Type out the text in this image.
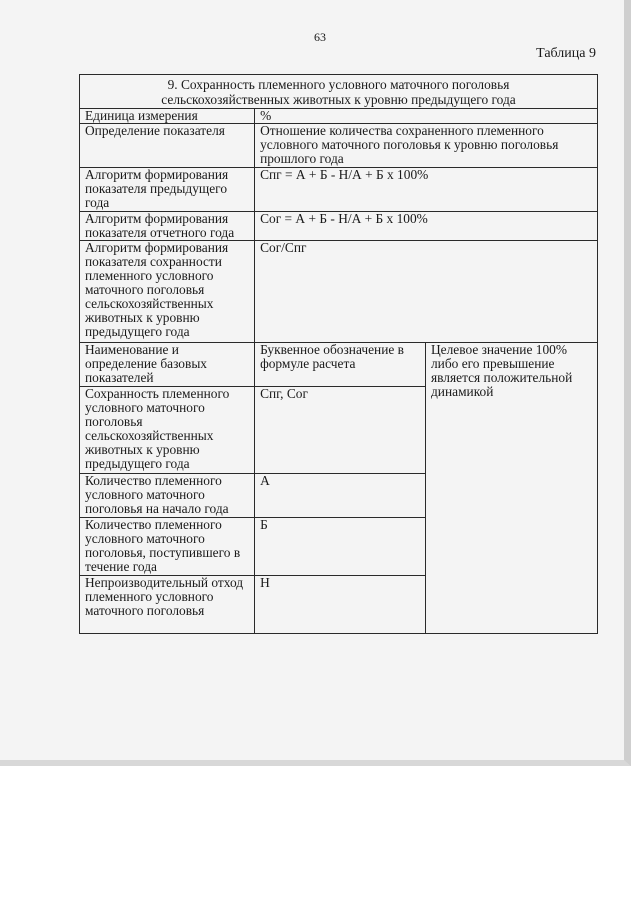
63
Таблица 9
9. Сохранность племенного условного маточного поголовья
сельскохозяйственных животных к уровню предыдущего года		

Единица измерения	%	
Определение показателя	Отношение количества сохраненного племенного условного маточного поголовья к уровню поголовья прошлого года	
Алгоритм формирования показателя предыдущего года	Спг = А + Б - Н/А + Б х 100%	
Алгоритм формирования показателя отчетного года	Сог = А + Б - Н/А + Б х 100%	
Алгоритм формирования показателя сохранности племенного условного маточного поголовья сельскохозяйственных животных к уровню предыдущего года	Сог/Спг	
Наименование и определение базовых показателей	Буквенное обозначение в формуле расчета	Целевое значение 100% либо его превышение является положительной динамикой
Сохранность племенного условного маточного поголовья сельскохозяйственных животных к уровню предыдущего года	Спг, Сог	
Количество племенного условного маточного поголовья на начало года	А	
Количество племенного условного маточного поголовья, поступившего в течение года	Б	
Непроизводительный отход племенного условного маточного поголовья	Н	
